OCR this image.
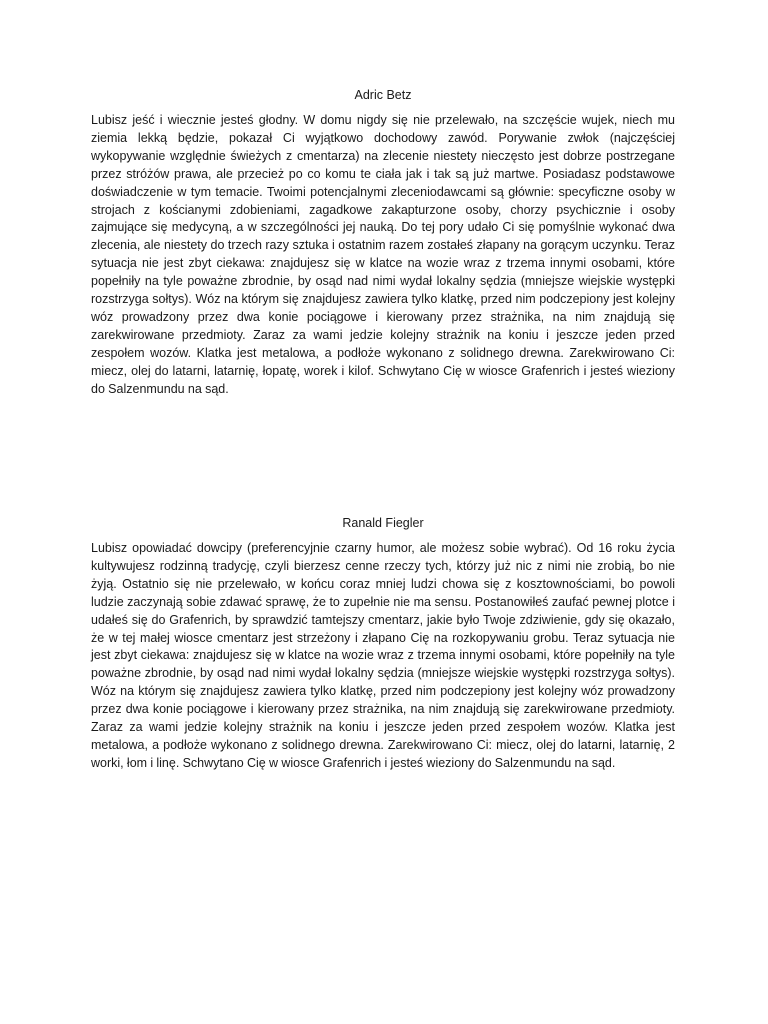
Adric Betz

Lubisz jeść i wiecznie jesteś głodny. W domu nigdy się nie przelewało, na szczęście wujek, niech mu ziemia lekką będzie, pokazał Ci wyjątkowo dochodowy zawód. Porywanie zwłok (najczęściej wykopywanie względnie świeżych z cmentarza) na zlecenie niestety nieczęsto jest dobrze postrzegane przez stróżów prawa, ale przecież po co komu te ciała jak i tak są już martwe. Posiadasz podstawowe doświadczenie w tym temacie. Twoimi potencjalnymi zleceniodawcami są głównie: specyficzne osoby w strojach z kościanymi zdobieniami, zagadkowe zakapturzone osoby, chorzy psychicznie i osoby zajmujące się medycyną, a w szczególności jej nauką. Do tej pory udało Ci się pomyślnie wykonać dwa zlecenia, ale niestety do trzech razy sztuka i ostatnim razem zostałeś złapany na gorącym uczynku. Teraz sytuacja nie jest zbyt ciekawa: znajdujesz się w klatce na wozie wraz z trzema innymi osobami, które popełniły na tyle poważne zbrodnie, by osąd nad nimi wydał lokalny sędzia (mniejsze wiejskie występki rozstrzyga sołtys). Wóz na którym się znajdujesz zawiera tylko klatkę, przed nim podczepiony jest kolejny wóz prowadzony przez dwa konie pociągowe i kierowany przez strażnika, na nim znajdują się zarekwirowane przedmioty. Zaraz za wami jedzie kolejny strażnik na koniu i jeszcze jeden przed zespołem wozów. Klatka jest metalowa, a podłoże wykonano z solidnego drewna. Zarekwirowano Ci: miecz, olej do latarni, latarnię, łopatę, worek i kilof. Schwytano Cię w wiosce Grafenrich i jesteś wieziony do Salzenmundu na sąd.

Ranald Fiegler

Lubisz opowiadać dowcipy (preferencyjnie czarny humor, ale możesz sobie wybrać). Od 16 roku życia kultywujesz rodzinną tradycję, czyli bierzesz cenne rzeczy tych, którzy już nic z nimi nie zrobią, bo nie żyją. Ostatnio się nie przelewało, w końcu coraz mniej ludzi chowa się z kosztownościami, bo powoli ludzie zaczynają sobie zdawać sprawę, że to zupełnie nie ma sensu. Postanowiłeś zaufać pewnej plotce i udałeś się do Grafenrich, by sprawdzić tamtejszy cmentarz, jakie było Twoje zdziwienie, gdy się okazało, że w tej małej wiosce cmentarz jest strzeżony i złapano Cię na rozkopywaniu grobu. Teraz sytuacja nie jest zbyt ciekawa: znajdujesz się w klatce na wozie wraz z trzema innymi osobami, które popełniły na tyle poważne zbrodnie, by osąd nad nimi wydał lokalny sędzia (mniejsze wiejskie występki rozstrzyga sołtys). Wóz na którym się znajdujesz zawiera tylko klatkę, przed nim podczepiony jest kolejny wóz prowadzony przez dwa konie pociągowe i kierowany przez strażnika, na nim znajdują się zarekwirowane przedmioty. Zaraz za wami jedzie kolejny strażnik na koniu i jeszcze jeden przed zespołem wozów. Klatka jest metalowa, a podłoże wykonano z solidnego drewna. Zarekwirowano Ci: miecz, olej do latarni, latarnię, 2 worki, łom i linę. Schwytano Cię w wiosce Grafenrich i jesteś wieziony do Salzenmundu na sąd.
